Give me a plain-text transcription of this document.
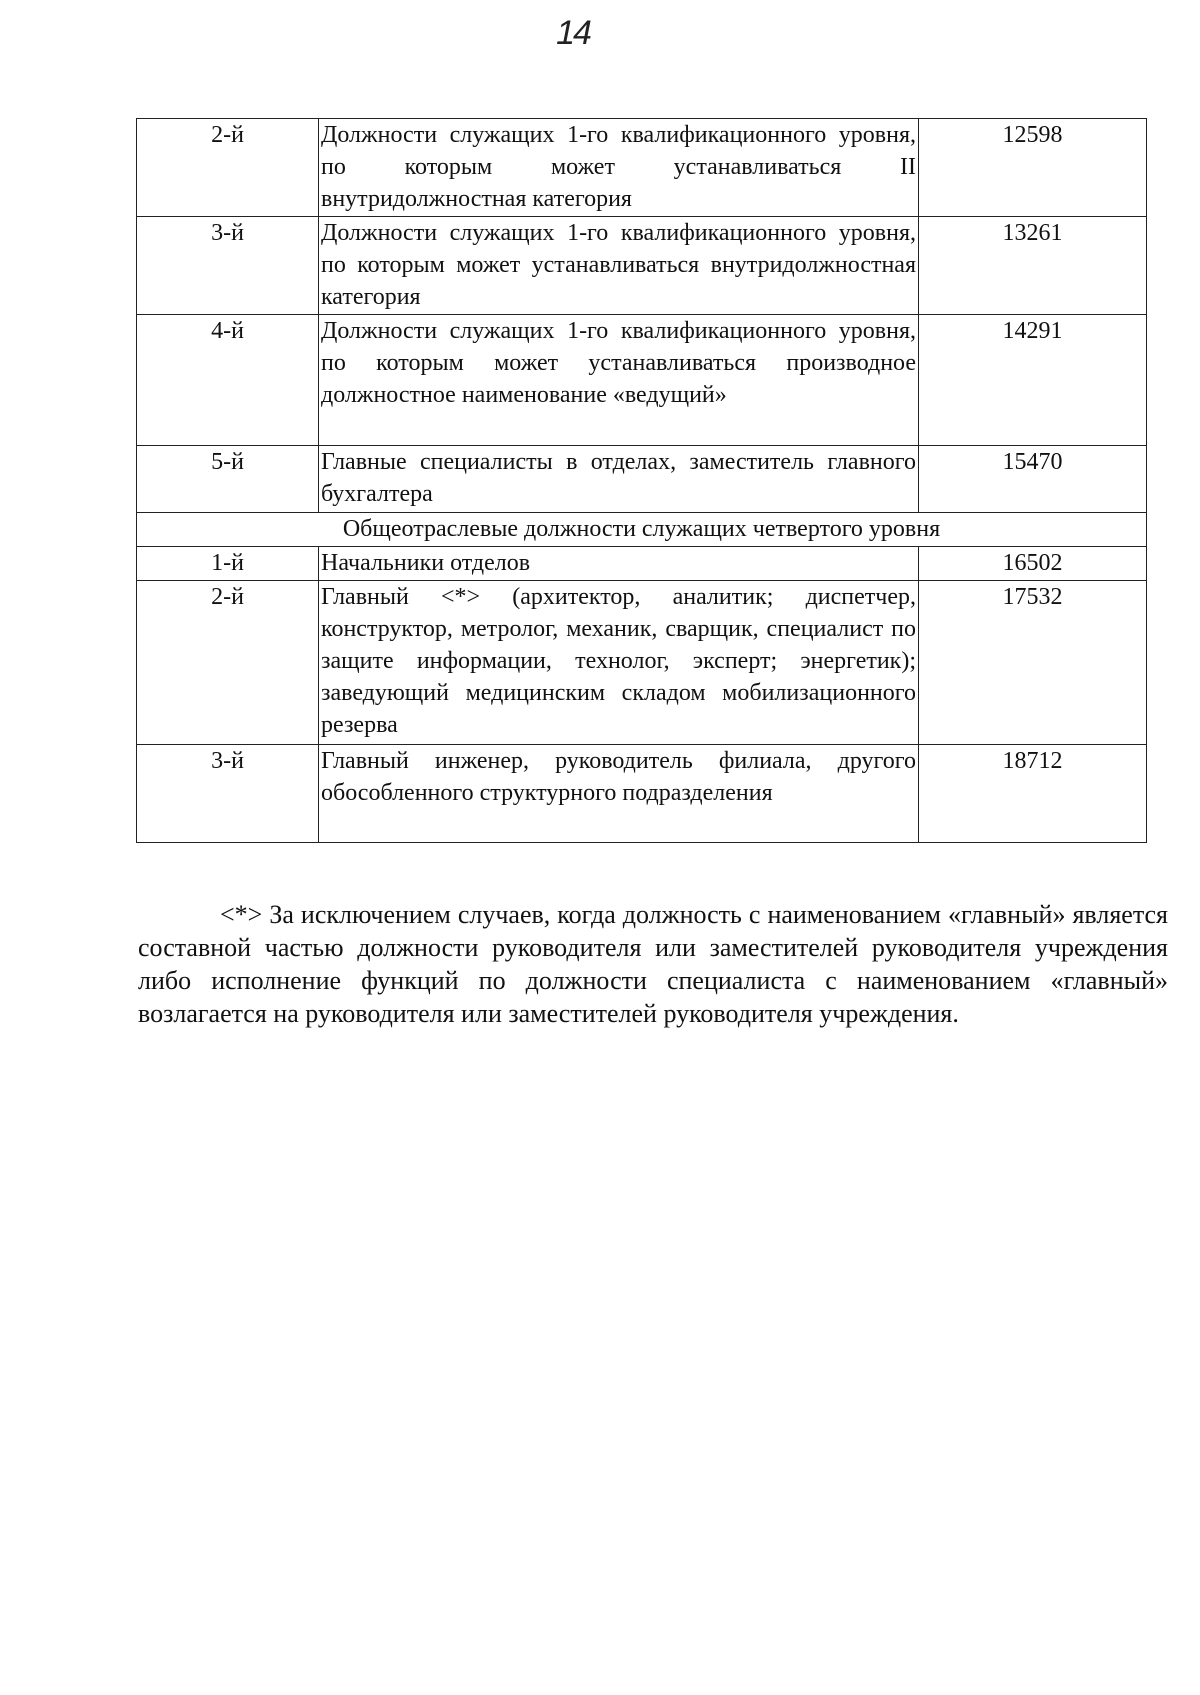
14
2-й	Должности служащих 1-го квалификационного уровня, по которым может устанавливаться II внутридолжностная категория	12598
3-й	Должности служащих 1-го квалификационного уровня, по которым может устанавливаться внутридолжностная категория	13261
4-й	Должности служащих 1-го квалификационного уровня, по которым может устанавливаться производное должностное наименование «ведущий»	14291
5-й	Главные специалисты в отделах, заместитель главного бухгалтера	15470
Общеотраслевые должности служащих четвертого уровня		
1-й	Начальники отделов	16502
2-й	Главный <*> (архитектор, аналитик; диспетчер, конструктор, метролог, механик, сварщик, специалист по защите информации, технолог, эксперт; энергетик); заведующий медицинским складом мобилизационного резерва	17532
3-й	Главный инженер, руководитель филиала, другого обособленного структурного подразделения	18712

<*> За исключением случаев, когда должность с наименованием «главный» является составной частью должности руководителя или заместителей руководителя учреждения либо исполнение функций по должности специалиста с наименованием «главный» возлагается на руководителя или заместителей руководителя учреждения.
